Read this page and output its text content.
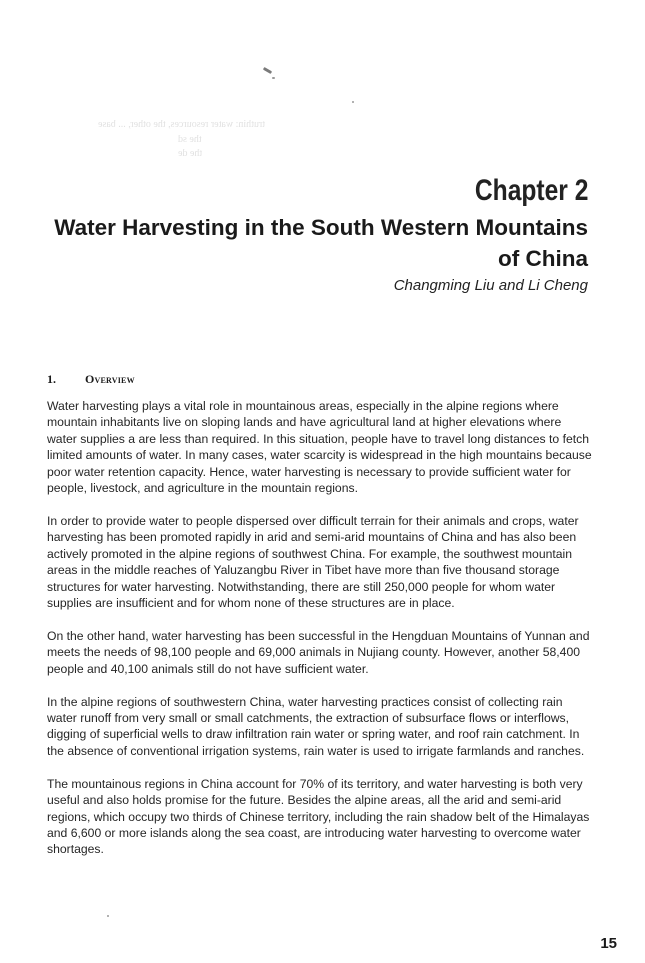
truthin: water resources, the other, ... base
the sd
the de
Chapter 2
Water Harvesting in the South Western Mountains of China

Changming Liu and Li Cheng

1. Overview

Water harvesting plays a vital role in mountainous areas, especially in the alpine regions where mountain inhabitants live on sloping lands and have agricultural land at higher elevations where water supplies a are less than required. In this situation, people have to travel long distances to fetch limited amounts of water. In many cases, water scarcity is widespread in the high mountains because poor water retention capacity. Hence, water harvesting is necessary to provide sufficient water for people, livestock, and agriculture in the mountain regions.

In order to provide water to people dispersed over difficult terrain for their animals and crops, water harvesting has been promoted rapidly in arid and semi-arid mountains of China and has also been actively promoted in the alpine regions of southwest China. For example, the southwest mountain areas in the middle reaches of Yaluzangbu River in Tibet have more than five thousand storage structures for water harvesting. Notwithstanding, there are still 250,000 people for whom water supplies are insufficient and for whom none of these structures are in place.

On the other hand, water harvesting has been successful in the Hengduan Mountains of Yunnan and meets the needs of 98,100 people and 69,000 animals in Nujiang county. However, another 58,400 people and 40,100 animals still do not have sufficient water.

In the alpine regions of southwestern China, water harvesting practices consist of collecting rain water runoff from very small or small catchments, the extraction of subsurface flows or interflows, digging of superficial wells to draw infiltration rain water or spring water, and roof rain catchment. In the absence of conventional irrigation systems, rain water is used to irrigate farmlands and ranches.

The mountainous regions in China account for 70% of its territory, and water harvesting is both very useful and also holds promise for the future. Besides the alpine areas, all the arid and semi-arid regions, which occupy two thirds of Chinese territory, including the rain shadow belt of the Himalayas and 6,600 or more islands along the sea coast, are introducing water harvesting to overcome water shortages.

15
